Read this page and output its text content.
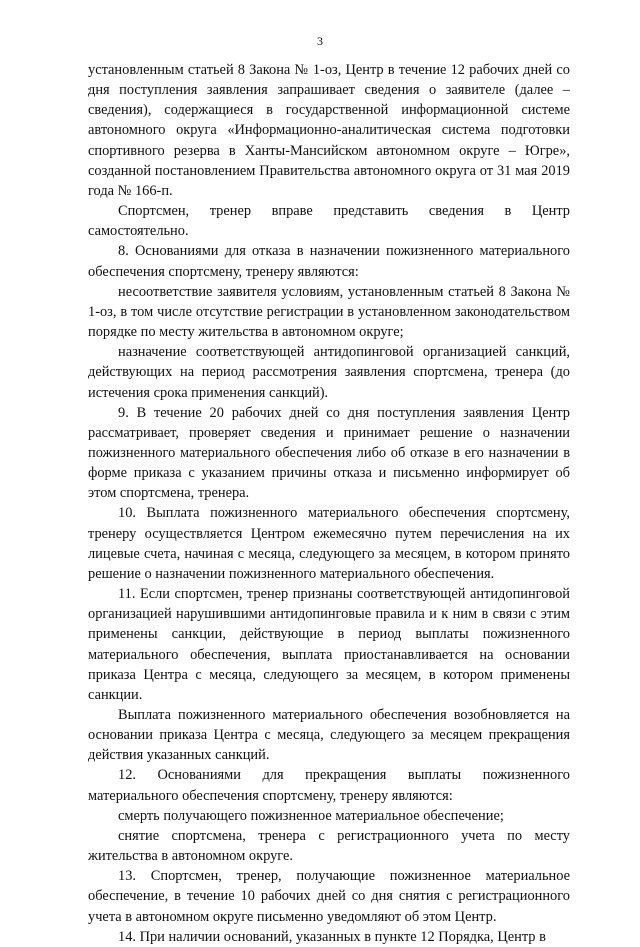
3

установленным статьей 8 Закона № 1-оз, Центр в течение 12 рабочих дней со дня поступления заявления запрашивает сведения о заявителе (далее – сведения), содержащиеся в государственной информационной системе автономного округа «Информационно-аналитическая система подготовки спортивного резерва в Ханты-Мансийском автономном округе – Югре», созданной постановлением Правительства автономного округа от 31 мая 2019 года № 166-п.

Спортсмен, тренер вправе представить сведения в Центр самостоятельно.

8. Основаниями для отказа в назначении пожизненного материального обеспечения спортсмену, тренеру являются:

несоответствие заявителя условиям, установленным статьей 8 Закона № 1-оз, в том числе отсутствие регистрации в установленном законодательством порядке по месту жительства в автономном округе;

назначение соответствующей антидопинговой организацией санкций, действующих на период рассмотрения заявления спортсмена, тренера (до истечения срока применения санкций).

9. В течение 20 рабочих дней со дня поступления заявления Центр рассматривает, проверяет сведения и принимает решение о назначении пожизненного материального обеспечения либо об отказе в его назначении в форме приказа с указанием причины отказа и письменно информирует об этом спортсмена, тренера.

10. Выплата пожизненного материального обеспечения спортсмену, тренеру осуществляется Центром ежемесячно путем перечисления на их лицевые счета, начиная с месяца, следующего за месяцем, в котором принято решение о назначении пожизненного материального обеспечения.

11. Если спортсмен, тренер признаны соответствующей антидопинговой организацией нарушившими антидопинговые правила и к ним в связи с этим применены санкции, действующие в период выплаты пожизненного материального обеспечения, выплата приостанавливается на основании приказа Центра с месяца, следующего за месяцем, в котором применены санкции.

Выплата пожизненного материального обеспечения возобновляется на основании приказа Центра с месяца, следующего за месяцем прекращения действия указанных санкций.

12. Основаниями для прекращения выплаты пожизненного материального обеспечения спортсмену, тренеру являются:

смерть получающего пожизненное материальное обеспечение;

снятие спортсмена, тренера с регистрационного учета по месту жительства в автономном округе.

13. Спортсмен, тренер, получающие пожизненное материальное обеспечение, в течение 10 рабочих дней со дня снятия с регистрационного учета в автономном округе письменно уведомляют об этом Центр.

14. При наличии оснований, указанных в пункте 12 Порядка, Центр в
